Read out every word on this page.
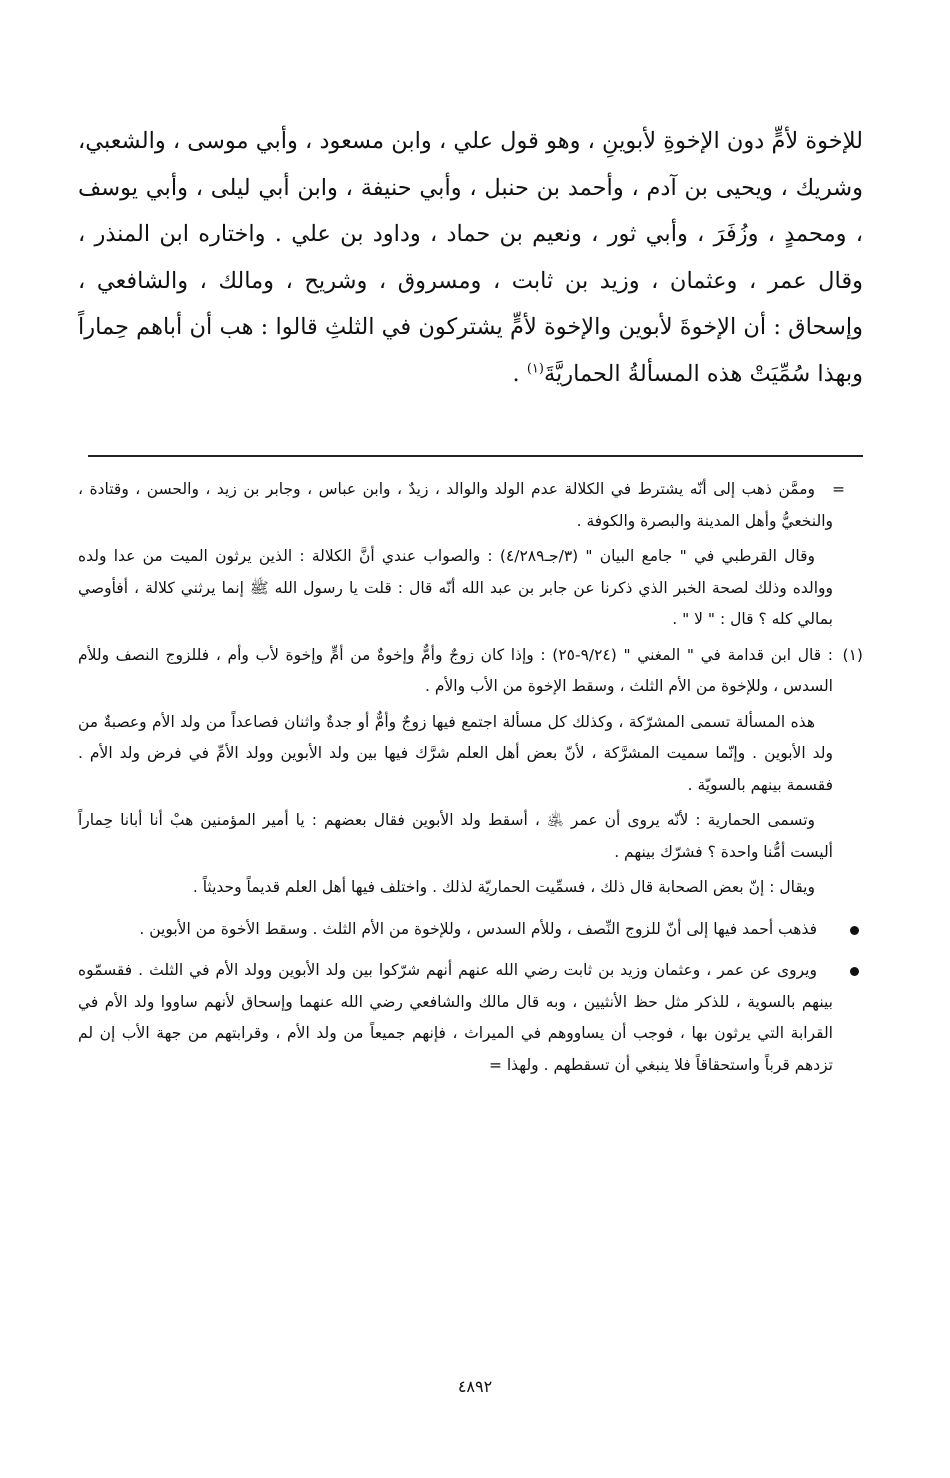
للإخوة لأمٍّ دون الإخوةِ لأبوينِ ، وهو قول علي ، وابن مسعود ، وأبي موسى ، والشعبي، وشريك ، ويحيى بن آدم ، وأحمد بن حنبل ، وأبي حنيفة ، وابن أبي ليلى ، وأبي يوسف ، ومحمدٍ ، وزُفَرَ ، وأبي ثور ، ونعيم بن حماد ، وداود بن علي . واختاره ابن المنذر ، وقال عمر ، وعثمان ، وزيد بن ثابت ، ومسروق ، وشريح ، ومالك ، والشافعي ، وإسحاق : أن الإخوةَ لأبوين والإخوة لأمٍّ يشتركون في الثلثِ قالوا : هب أن أباهم حِماراً وبهذا سُمِّيَتْ هذه المسألةُ الحماريَّةَ$^{(١)}$ .

=وممَّن ذهب إلى أنّه يشترط في الكلالة عدم الولد والوالد ، زيدٌ ، وابن عباس ، وجابر بن زيد ، والحسن ، وقتادة ، والنخعيُّ وأهل المدينة والبصرة والكوفة .

وقال القرطبي في " جامع البيان " (٣/جـ٤/٢٨٩) : والصواب عندي أنَّ الكلالة : الذين يرثون الميت من عدا ولده ووالده وذلك لصحة الخبر الذي ذكرنا عن جابر بن عبد الله أنّه قال : قلت يا رسول الله ﷺ إنما يرثني كلالة ، أفأوصي بمالي كله ؟ قال : " لا " .

(١): قال ابن قدامة في " المغني " (٩/٢٤-٢٥) : وإذا كان زوجٌ وأمٌّ وإخوةٌ من أمٍّ وإخوة لأب وأم ، فللزوج النصف وللأم السدس ، وللإخوة من الأم الثلث ، وسقط الإخوة من الأب والأم .

هذه المسألة تسمى المشرّكة ، وكذلك كل مسألة اجتمع فيها زوجٌ وأمٌّ أو جدةٌ واثنان فصاعداً من ولد الأم وعصبةٌ من ولد الأبوين . وإنّما سميت المشرَّكة ، لأنّ بعض أهل العلم شرَّك فيها بين ولد الأبوين وولد الأمِّ في فرض ولد الأم . فقسمة بينهم بالسويّة .

وتسمى الحمارية : لأنّه يروى أن عمر ﵁ ، أسقط ولد الأبوين فقال بعضهم : يا أمير المؤمنين هبْ أنا أبانا حِماراً أليست أمُّنا واحدة ؟ فشرّك بينهم .

ويقال : إنّ بعض الصحابة قال ذلك ، فسمِّيت الحماريّة لذلك . واختلف فيها أهل العلم قديماً وحديثاً .

فذهب أحمد فيها إلى أنّ للزوج النِّصف ، وللأم السدس ، وللإخوة من الأم الثلث . وسقط الأخوة من الأبوين .
ويروى عن عمر ، وعثمان وزيد بن ثابت رضي الله عنهم أنهم شرّكوا بين ولد الأبوين وولد الأم في الثلث . فقسمّوه بينهم بالسوية ، للذكر مثل حظ الأنثيين ، وبه قال مالك والشافعي رضي الله عنهما وإسحاق لأنهم ساووا ولد الأم في القرابة التي يرثون بها ، فوجب أن يساووهم في الميراث ، فإنهم جميعاً من ولد الأم ، وقرابتهم من جهة الأب إن لم تزدهم قرباً واستحقاقاً فلا ينبغي أن تسقطهم . ولهذا =
٤٨٩٢
